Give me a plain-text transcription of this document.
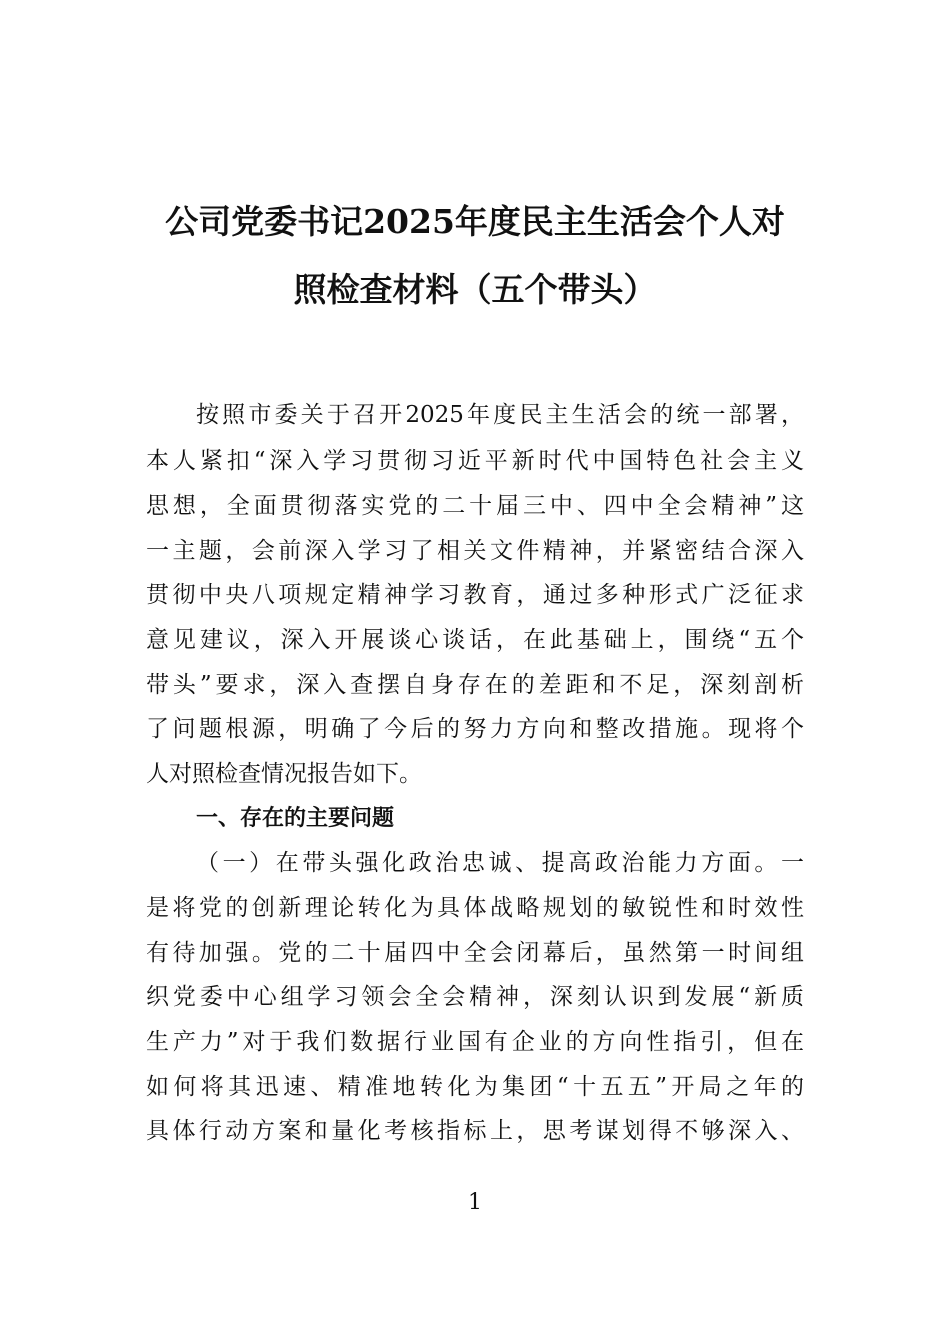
公司党委书记2025年度民主生活会个人对
照检查材料（五个带头）

按照市委关于召开2025年度民主生活会的统一部署，

本人紧扣“深入学习贯彻习近平新时代中国特色社会主义

思想，全面贯彻落实党的二十届三中、四中全会精神”这

一主题，会前深入学习了相关文件精神，并紧密结合深入

贯彻中央八项规定精神学习教育，通过多种形式广泛征求

意见建议，深入开展谈心谈话，在此基础上，围绕“五个

带头”要求，深入查摆自身存在的差距和不足，深刻剖析

了问题根源，明确了今后的努力方向和整改措施。现将个

人对照检查情况报告如下。

一、存在的主要问题

（一）在带头强化政治忠诚、提高政治能力方面。一

是将党的创新理论转化为具体战略规划的敏锐性和时效性

有待加强。党的二十届四中全会闭幕后，虽然第一时间组

织党委中心组学习领会全会精神，深刻认识到发展“新质

生产力”对于我们数据行业国有企业的方向性指引，但在

如何将其迅速、精准地转化为集团“十五五”开局之年的

具体行动方案和量化考核指标上，思考谋划得不够深入、

1
